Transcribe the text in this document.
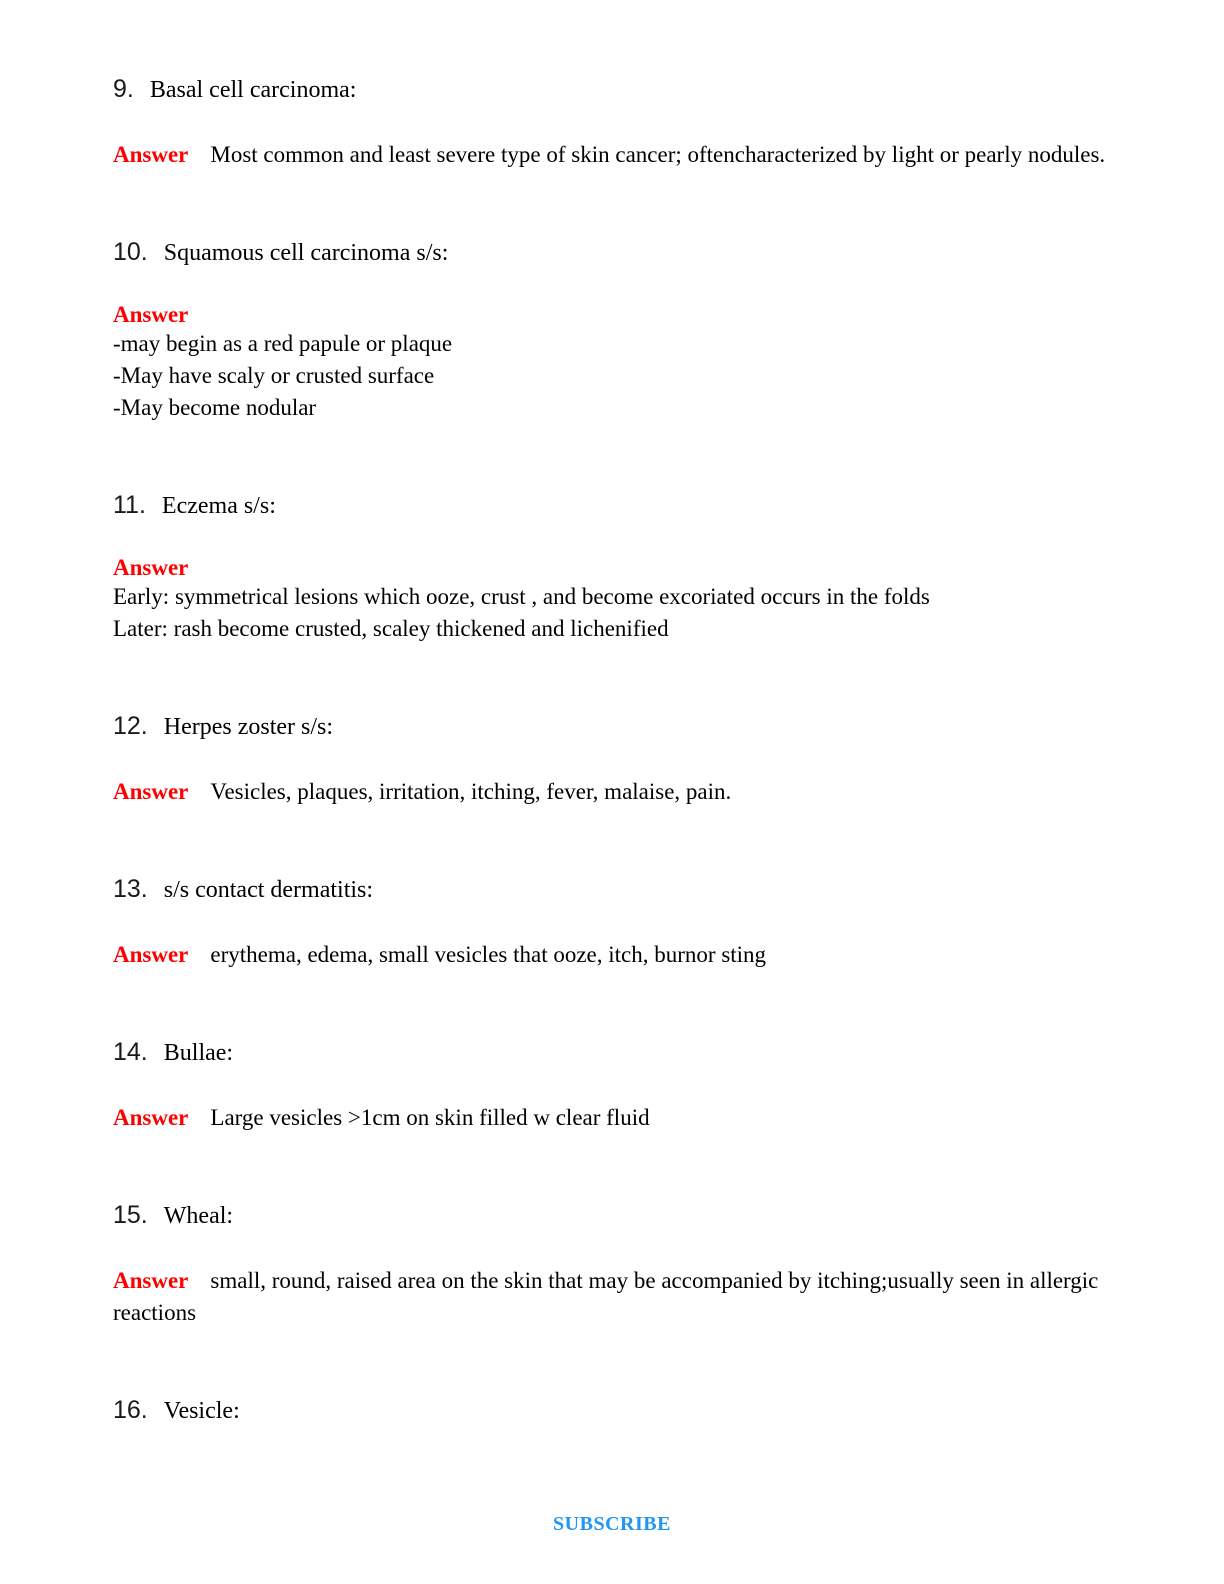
9. Basal cell carcinoma:

Answer Most common and least severe type of skin cancer; oftencharacterized by light or pearly nodules.

10. Squamous cell carcinoma s/s:
Answer
-may begin as a red papule or plaque
-May have scaly or crusted surface
-May become nodular
11. Eczema s/s:
Answer
Early: symmetrical lesions which ooze, crust , and become excoriated occurs in the folds
Later: rash become crusted, scaley thickened and lichenified
12. Herpes zoster s/s:

Answer Vesicles, plaques, irritation, itching, fever, malaise, pain.

13. s/s contact dermatitis:

Answer erythema, edema, small vesicles that ooze, itch, burnor sting

14. Bullae:

Answer Large vesicles >1cm on skin filled w clear fluid

15. Wheal:

Answer small, round, raised area on the skin that may be accompanied by itching;usually seen in allergic reactions

16. Vesicle:
SUBSCRIBE
